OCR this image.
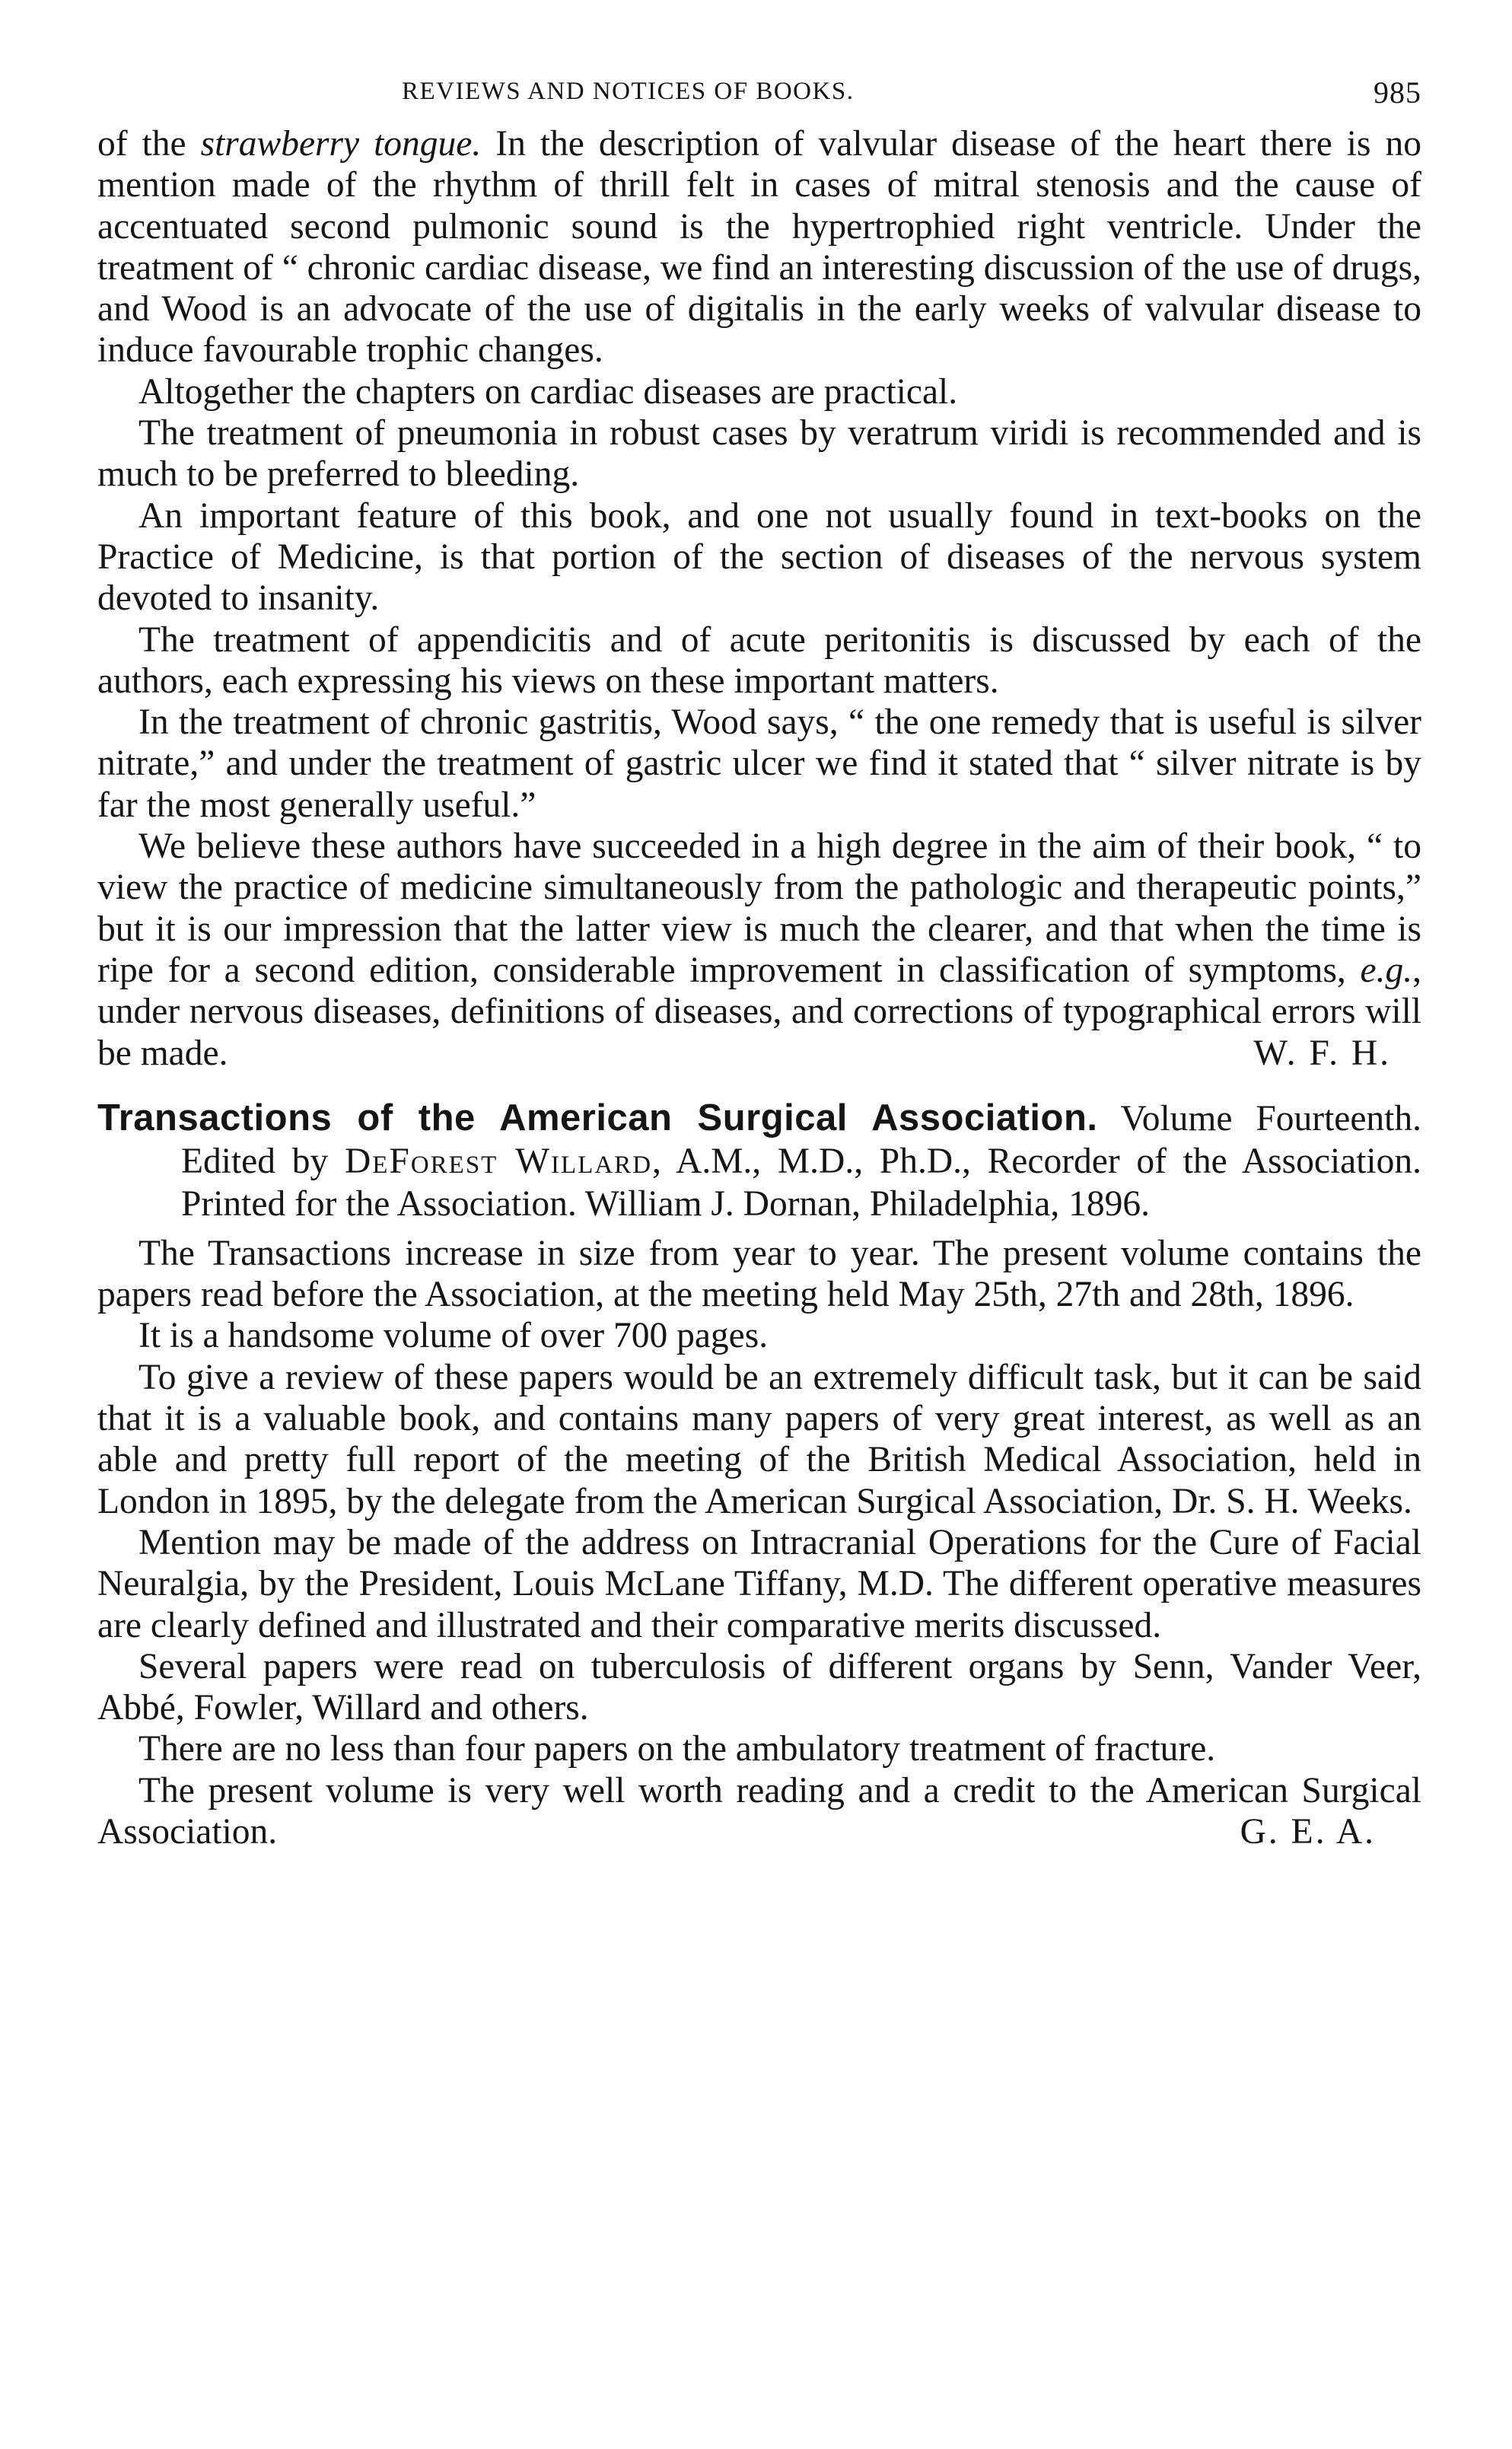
REVIEWS AND NOTICES OF BOOKS.	985

of the strawberry tongue. In the description of valvular disease of the heart there is no mention made of the rhythm of thrill felt in cases of mitral stenosis and the cause of accentuated second pulmonic sound is the hypertrophied right ventricle. Under the treatment of “ chronic cardiac disease, we find an interesting discussion of the use of drugs, and Wood is an advocate of the use of digitalis in the early weeks of valvular disease to induce favourable trophic changes.

Altogether the chapters on cardiac diseases are practical.

The treatment of pneumonia in robust cases by veratrum viridi is recommended and is much to be preferred to bleeding.

An important feature of this book, and one not usually found in text-books on the Practice of Medicine, is that portion of the section of diseases of the nervous system devoted to insanity.

The treatment of appendicitis and of acute peritonitis is discussed by each of the authors, each expressing his views on these important matters.

In the treatment of chronic gastritis, Wood says, “ the one remedy that is useful is silver nitrate,” and under the treatment of gastric ulcer we find it stated that “ silver nitrate is by far the most generally useful.”

We believe these authors have succeeded in a high degree in the aim of their book, “ to view the practice of medicine simultaneously from the pathologic and therapeutic points,” but it is our impression that the latter view is much the clearer, and that when the time is ripe for a second edition, considerable improvement in classification of symptoms, e.g., under nervous diseases, definitions of diseases, and corrections of typographical errors will be made.	W. F. H.

Transactions of the American Surgical Association. Volume Fourteenth. Edited by DeForest Willard, A.M., M.D., Ph.D., Recorder of the Association. Printed for the Association. William J. Dornan, Philadelphia, 1896.

The Transactions increase in size from year to year. The present volume contains the papers read before the Association, at the meeting held May 25th, 27th and 28th, 1896.

It is a handsome volume of over 700 pages.

To give a review of these papers would be an extremely difficult task, but it can be said that it is a valuable book, and contains many papers of very great interest, as well as an able and pretty full report of the meeting of the British Medical Association, held in London in 1895, by the delegate from the American Surgical Association, Dr. S. H. Weeks.

Mention may be made of the address on Intracranial Operations for the Cure of Facial Neuralgia, by the President, Louis McLane Tiffany, M.D. The different operative measures are clearly defined and illustrated and their comparative merits discussed.

Several papers were read on tuberculosis of different organs by Senn, Vander Veer, Abbé, Fowler, Willard and others.

There are no less than four papers on the ambulatory treatment of fracture.

The present volume is very well worth reading and a credit to the American Surgical Association.	G. E. A.
